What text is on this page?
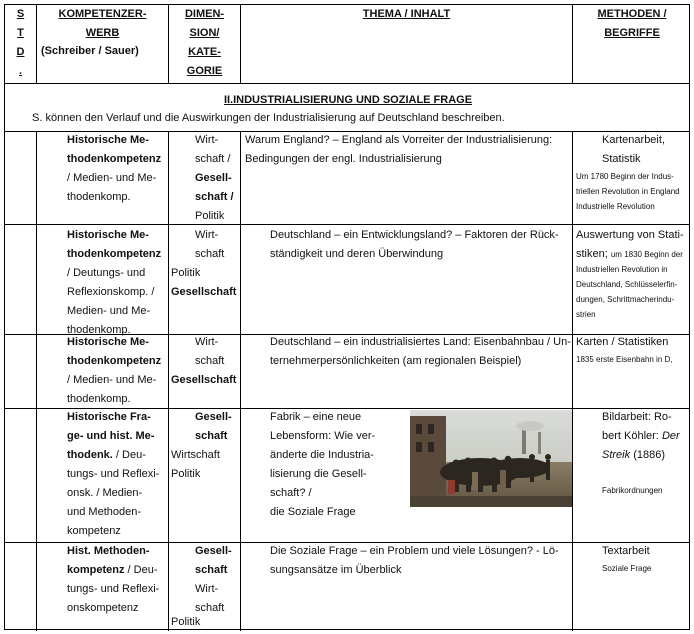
S
T
D
.
KOMPETENZER-
WERB
(Schreiber / Sauer)
DIMEN-
SION/
KATE-
GORIE
THEMA / INHALT	METHODEN /
BEGRIFFE
II.INDUSTRIALISIERUNG UND SOZIALE FRAGE
S. können den Verlauf und die Auswirkungen der Industrialisierung auf Deutschland beschreiben.
Historische Me-
thodenkompetenz
/ Medien- und Me-
thodenkomp.
Wirt-
schaft /
Gesell-
schaft /
Politik
Warum England? – England als Vorreiter der Industrialisierung:
Bedingungen der engl. Industrialisierung
Kartenarbeit,
Statistik
Um 1780 Beginn der Indus-
triellen Revolution in England
Industrielle Revolution
Historische Me-
thodenkompetenz
/ Deutungs- und
Reflexionskomp. /
Medien- und Me-
thodenkomp.
Wirt-
schaft
Politik
Gesellschaft
Deutschland – ein Entwicklungsland? – Faktoren der Rück-
ständigkeit und deren Überwindung
Auswertung von Stati-
stiken; um 1830 Beginn der
Industriellen Revolution in
Deutschland, Schlüsselerfin-
dungen, Schrittmacherindu-
strien
Historische Me-
thodenkompetenz
/ Medien- und Me-
thodenkomp.
Wirt-
schaft
Gesellschaft
Deutschland – ein industrialisiertes Land: Eisenbahnbau / Un-
ternehmerpersönlichkeiten (am regionalen Beispiel)
Karten / Statistiken
1835 erste Eisenbahn in D,
Historische Fra-
ge- und hist. Me-
thodenk. / Deu-
tungs- und Reflexi-
onsk. / Medien-
und Methoden-
kompetenz
Gesell-
schaft
Wirtschaft
Politik
Fabrik – eine neue
Lebensform: Wie ver-
änderte die Industria-
lisierung die Gesell-
schaft? /
die Soziale Frage
Bildarbeit: Ro-
bert Köhler: Der
Streik (1886)
Fabrikordnungen
Hist. Methoden-
kompetenz / Deu-
tungs- und Reflexi-
onskompetenz
Gesell-
schaft
Wirt-
schaft
Politik
Die Soziale Frage – ein Problem und viele Lösungen? - Lö-
sungsansätze im Überblick
Textarbeit
Soziale Frage
